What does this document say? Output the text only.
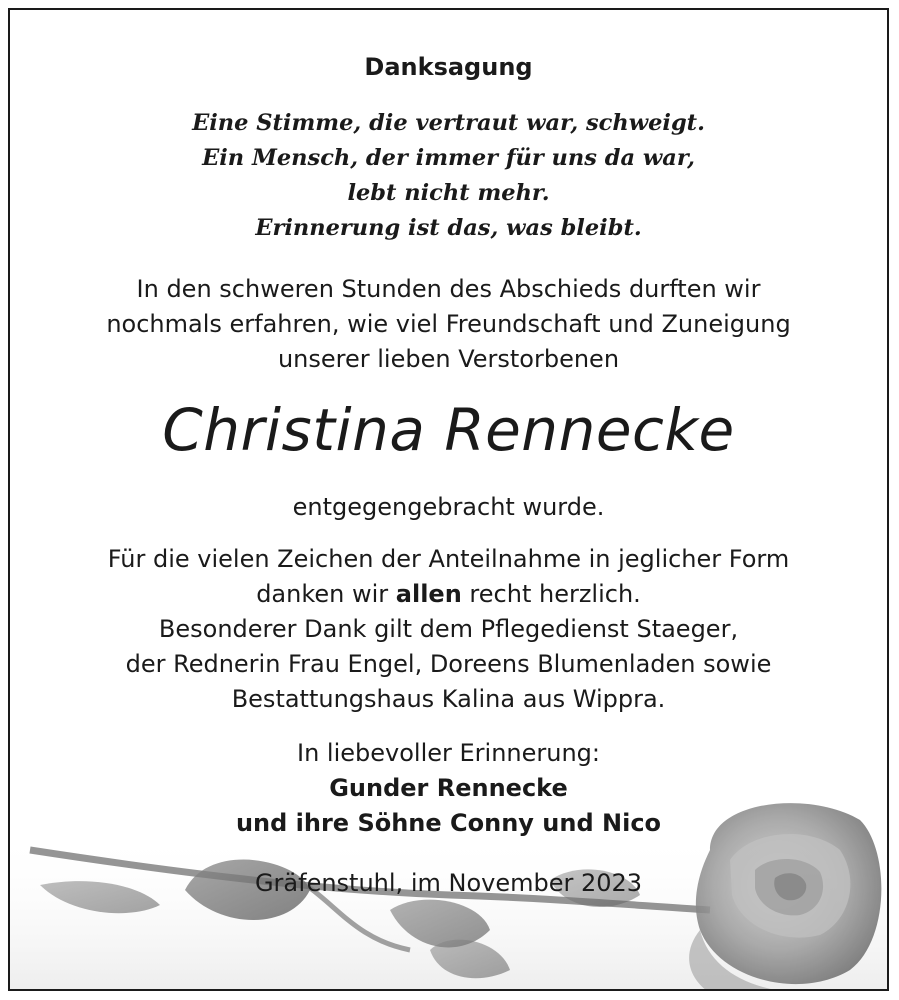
Danksagung
Eine Stimme, die vertraut war, schweigt.
Ein Mensch, der immer für uns da war,
lebt nicht mehr.
Erinnerung ist das, was bleibt.
In den schweren Stunden des Abschieds durften wir
nochmals erfahren, wie viel Freundschaft und Zuneigung
unserer lieben Verstorbenen
Christina Rennecke
entgegengebracht wurde.
Für die vielen Zeichen der Anteilnahme in jeglicher Form
danken wir allen recht herzlich.
Besonderer Dank gilt dem Pflegedienst Staeger,
der Rednerin Frau Engel, Doreens Blumenladen sowie
Bestattungshaus Kalina aus Wippra.
In liebevoller Erinnerung:
Gunder Rennecke
und ihre Söhne Conny und Nico
Gräfenstuhl, im November 2023
